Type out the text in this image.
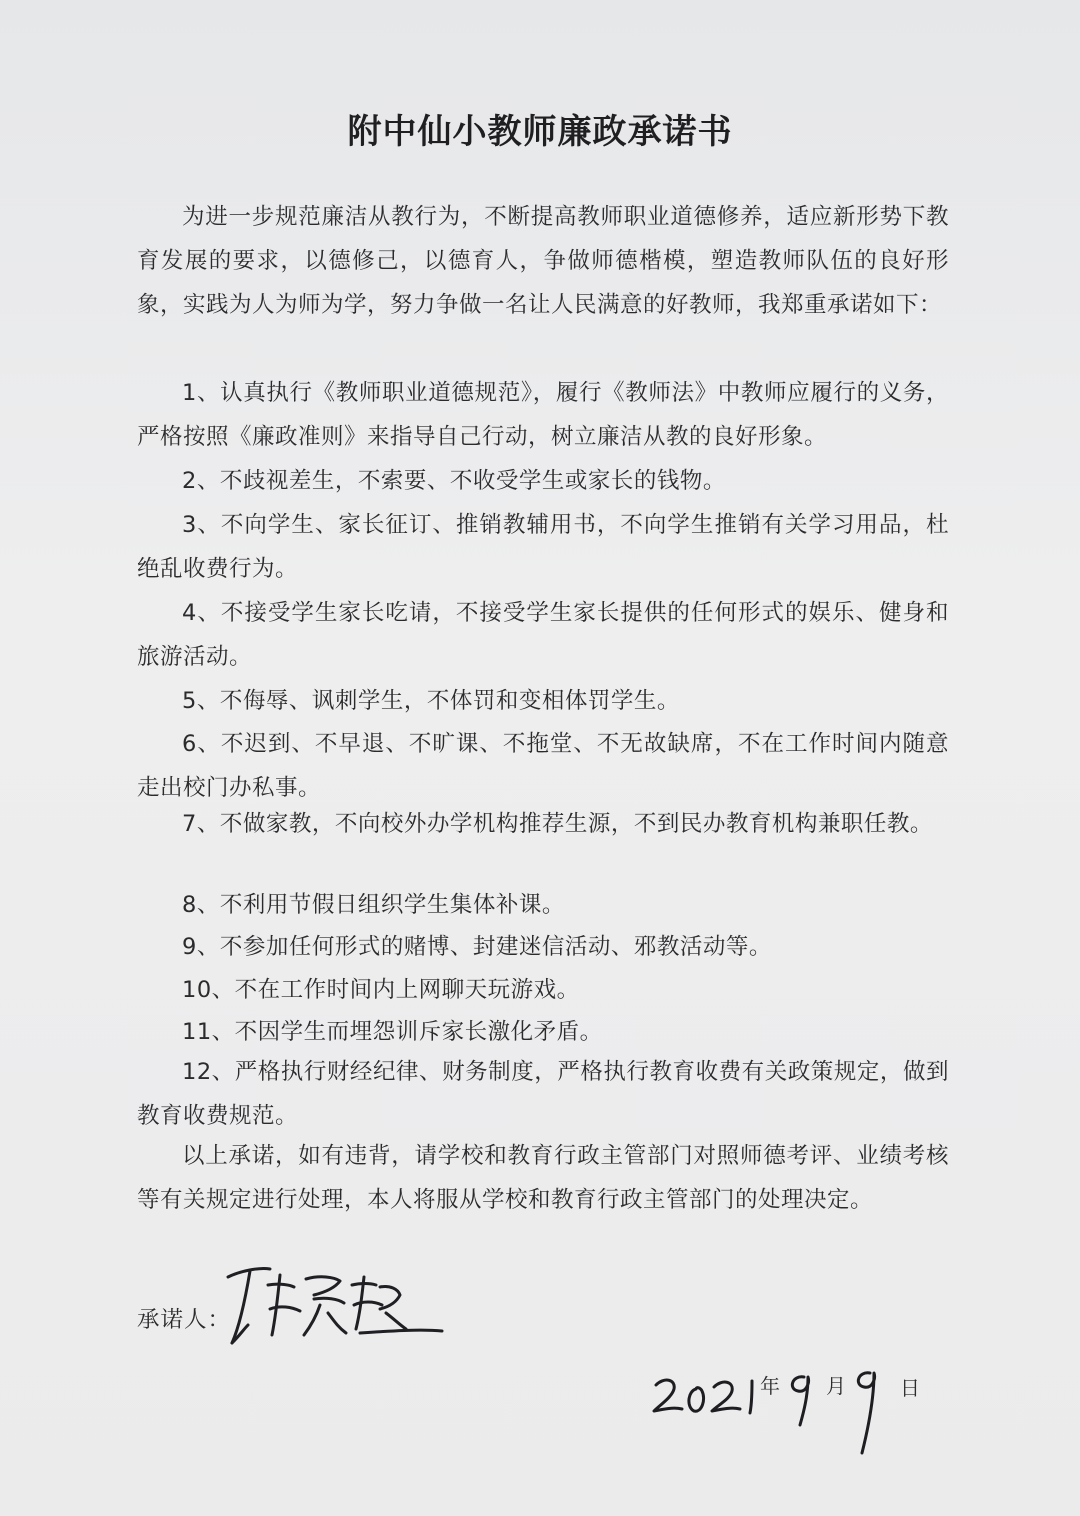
附中仙小教师廉政承诺书

为进一步规范廉洁从教行为，不断提高教师职业道德修养，适应新形势下教育发展的要求，以德修己，以德育人，争做师德楷模，塑造教师队伍的良好形象，实践为人为师为学，努力争做一名让人民满意的好教师，我郑重承诺如下：

1、认真执行《教师职业道德规范》，履行《教师法》中教师应履行的义务，严格按照《廉政准则》来指导自己行动，树立廉洁从教的良好形象。

2、不歧视差生，不索要、不收受学生或家长的钱物。

3、不向学生、家长征订、推销教辅用书，不向学生推销有关学习用品，杜绝乱收费行为。

4、不接受学生家长吃请，不接受学生家长提供的任何形式的娱乐、健身和旅游活动。

5、不侮辱、讽刺学生，不体罚和变相体罚学生。

6、不迟到、不早退、不旷课、不拖堂、不无故缺席，不在工作时间内随意走出校门办私事。

7、不做家教，不向校外办学机构推荐生源，不到民办教育机构兼职任教。

8、不利用节假日组织学生集体补课。

9、不参加任何形式的赌博、封建迷信活动、邪教活动等。

10、不在工作时间内上网聊天玩游戏。

11、不因学生而埋怨训斥家长激化矛盾。

12、严格执行财经纪律、财务制度，严格执行教育收费有关政策规定，做到教育收费规范。

以上承诺，如有违背，请学校和教育行政主管部门对照师德考评、业绩考核等有关规定进行处理，本人将服从学校和教育行政主管部门的处理决定。

承诺人：
年 月	日
